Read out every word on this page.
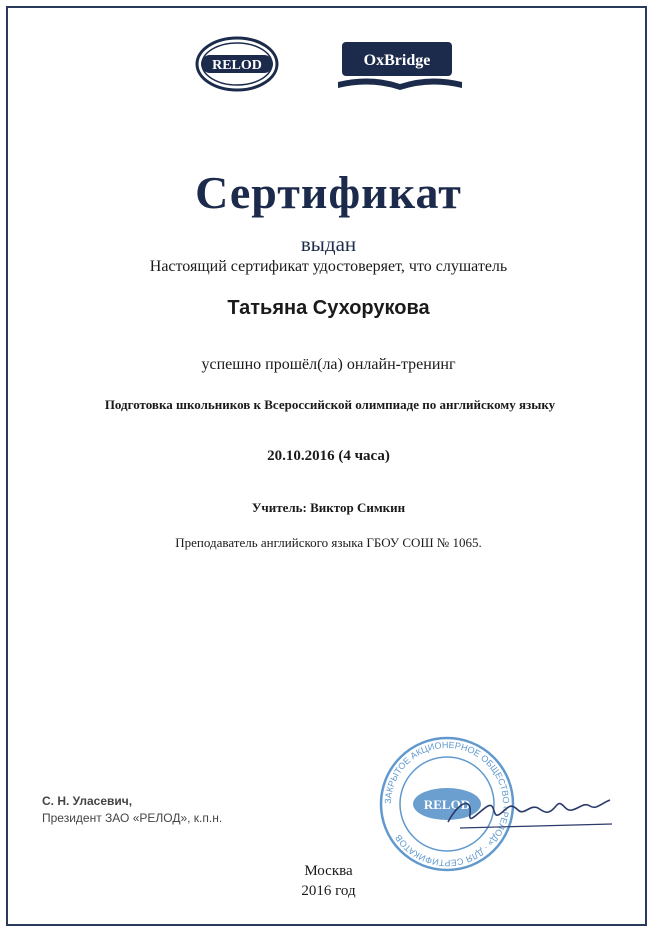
RELOD	OxBridge
Сертификат
выдан
Настоящий сертификат удостоверяет, что слушатель
Татьяна Сухорукова
успешно прошёл(ла) онлайн-тренинг
Подготовка школьников к Всероссийской олимпиаде по английскому языку
20.10.2016 (4 часа)
Учитель: Виктор Симкин
Преподаватель английского языка ГБОУ СОШ № 1065.
С. Н. Уласевич,
Президент ЗАО «РЕЛОД», к.п.н.
ЗАКРЫТОЕ АКЦИОНЕРНОЕ ОБЩЕСТВО «РЕЛОД» · ДЛЯ СЕРТИФИКАТОВ
RELOD
Москва
2016 год
